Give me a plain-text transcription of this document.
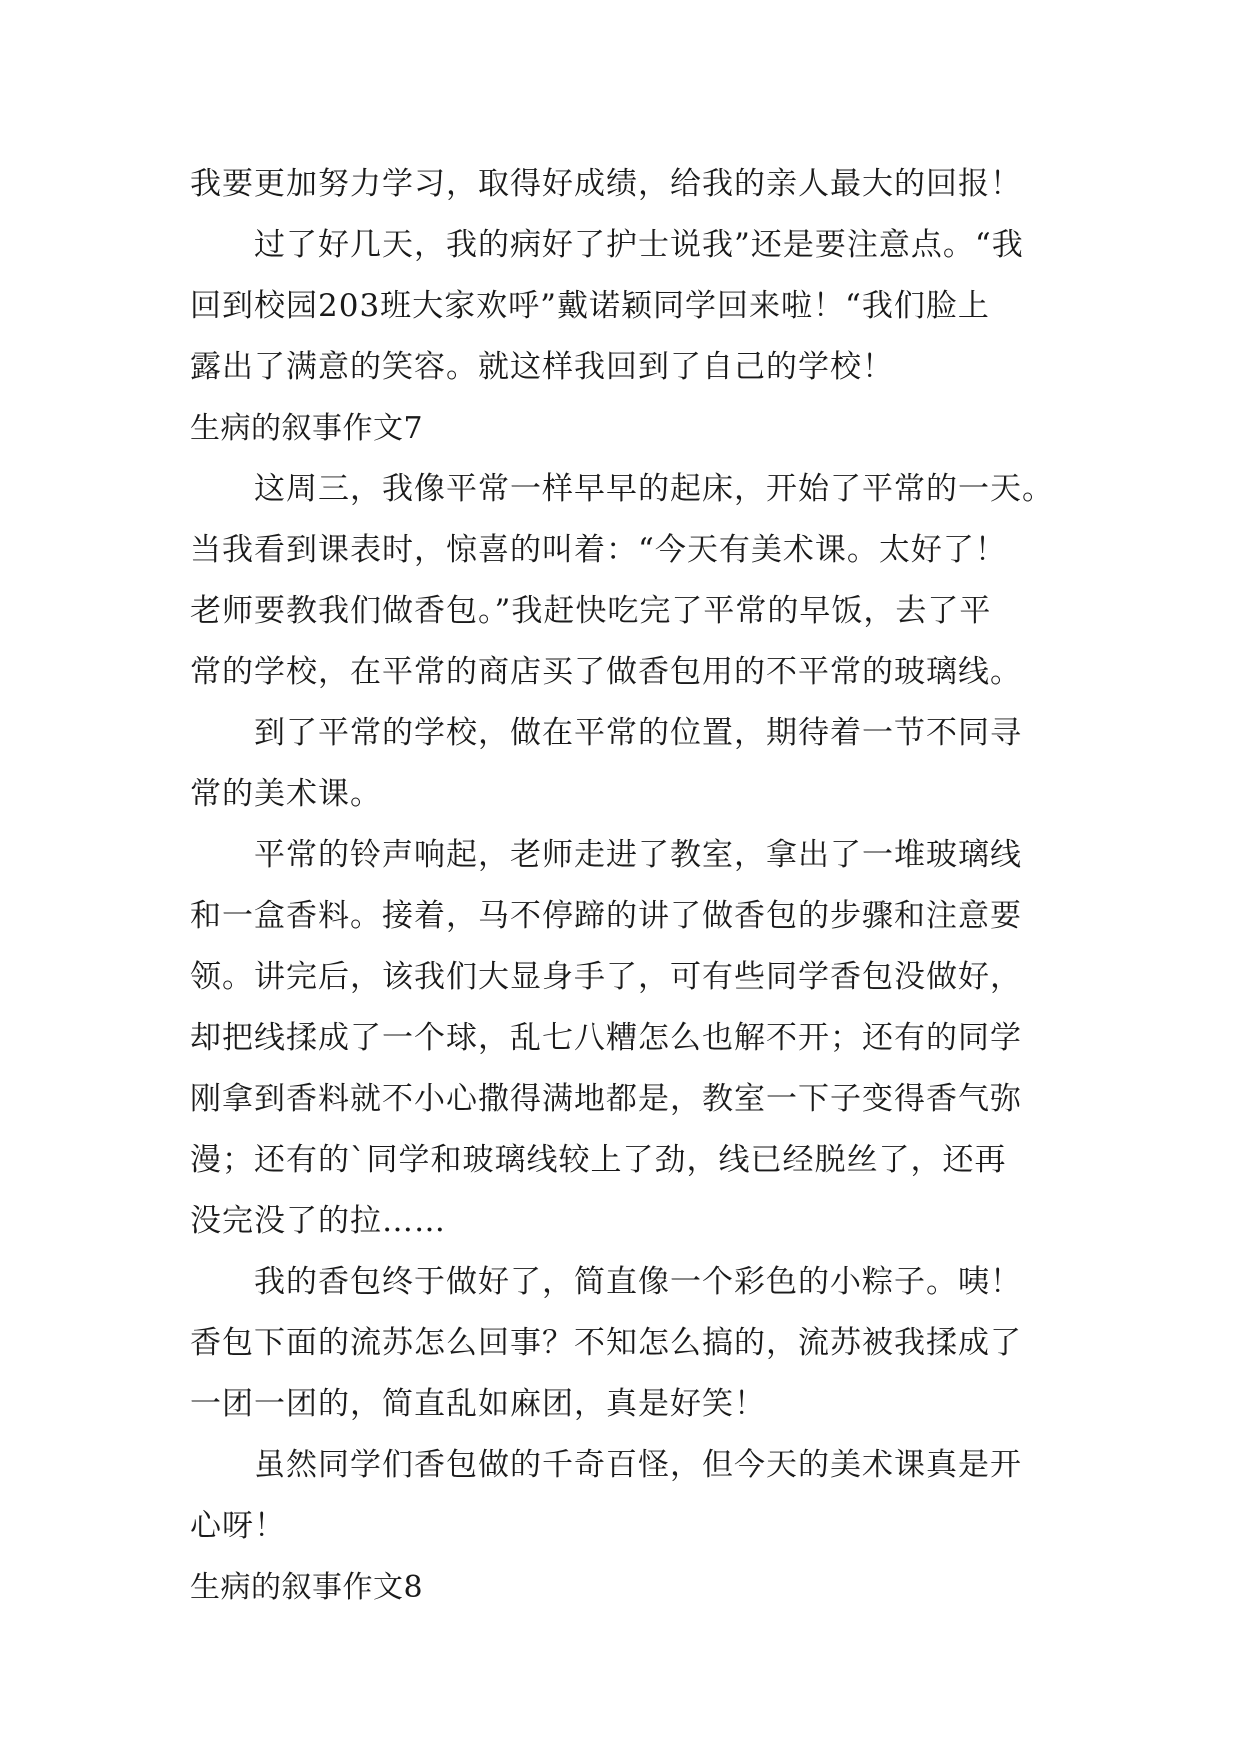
我要更加努力学习，取得好成绩，给我的亲人最大的回报！
过了好几天，我的病好了护士说我”还是要注意点。“我
回到校园203班大家欢呼”戴诺颖同学回来啦！“我们脸上
露出了满意的笑容。就这样我回到了自己的学校！
生病的叙事作文7
这周三，我像平常一样早早的起床，开始了平常的一天。
当我看到课表时，惊喜的叫着：“今天有美术课。太好了！
老师要教我们做香包。”我赶快吃完了平常的早饭，去了平
常的学校，在平常的商店买了做香包用的不平常的玻璃线。
到了平常的学校，做在平常的位置，期待着一节不同寻
常的美术课。
平常的铃声响起，老师走进了教室，拿出了一堆玻璃线
和一盒香料。接着，马不停蹄的讲了做香包的步骤和注意要
领。讲完后，该我们大显身手了，可有些同学香包没做好，
却把线揉成了一个球，乱七八糟怎么也解不开；还有的同学
刚拿到香料就不小心撒得满地都是，教室一下子变得香气弥
漫；还有的`同学和玻璃线较上了劲，线已经脱丝了，还再
没完没了的拉……
我的香包终于做好了，简直像一个彩色的小粽子。咦！
香包下面的流苏怎么回事？不知怎么搞的，流苏被我揉成了
一团一团的，简直乱如麻团，真是好笑！
虽然同学们香包做的千奇百怪，但今天的美术课真是开
心呀！
生病的叙事作文8
